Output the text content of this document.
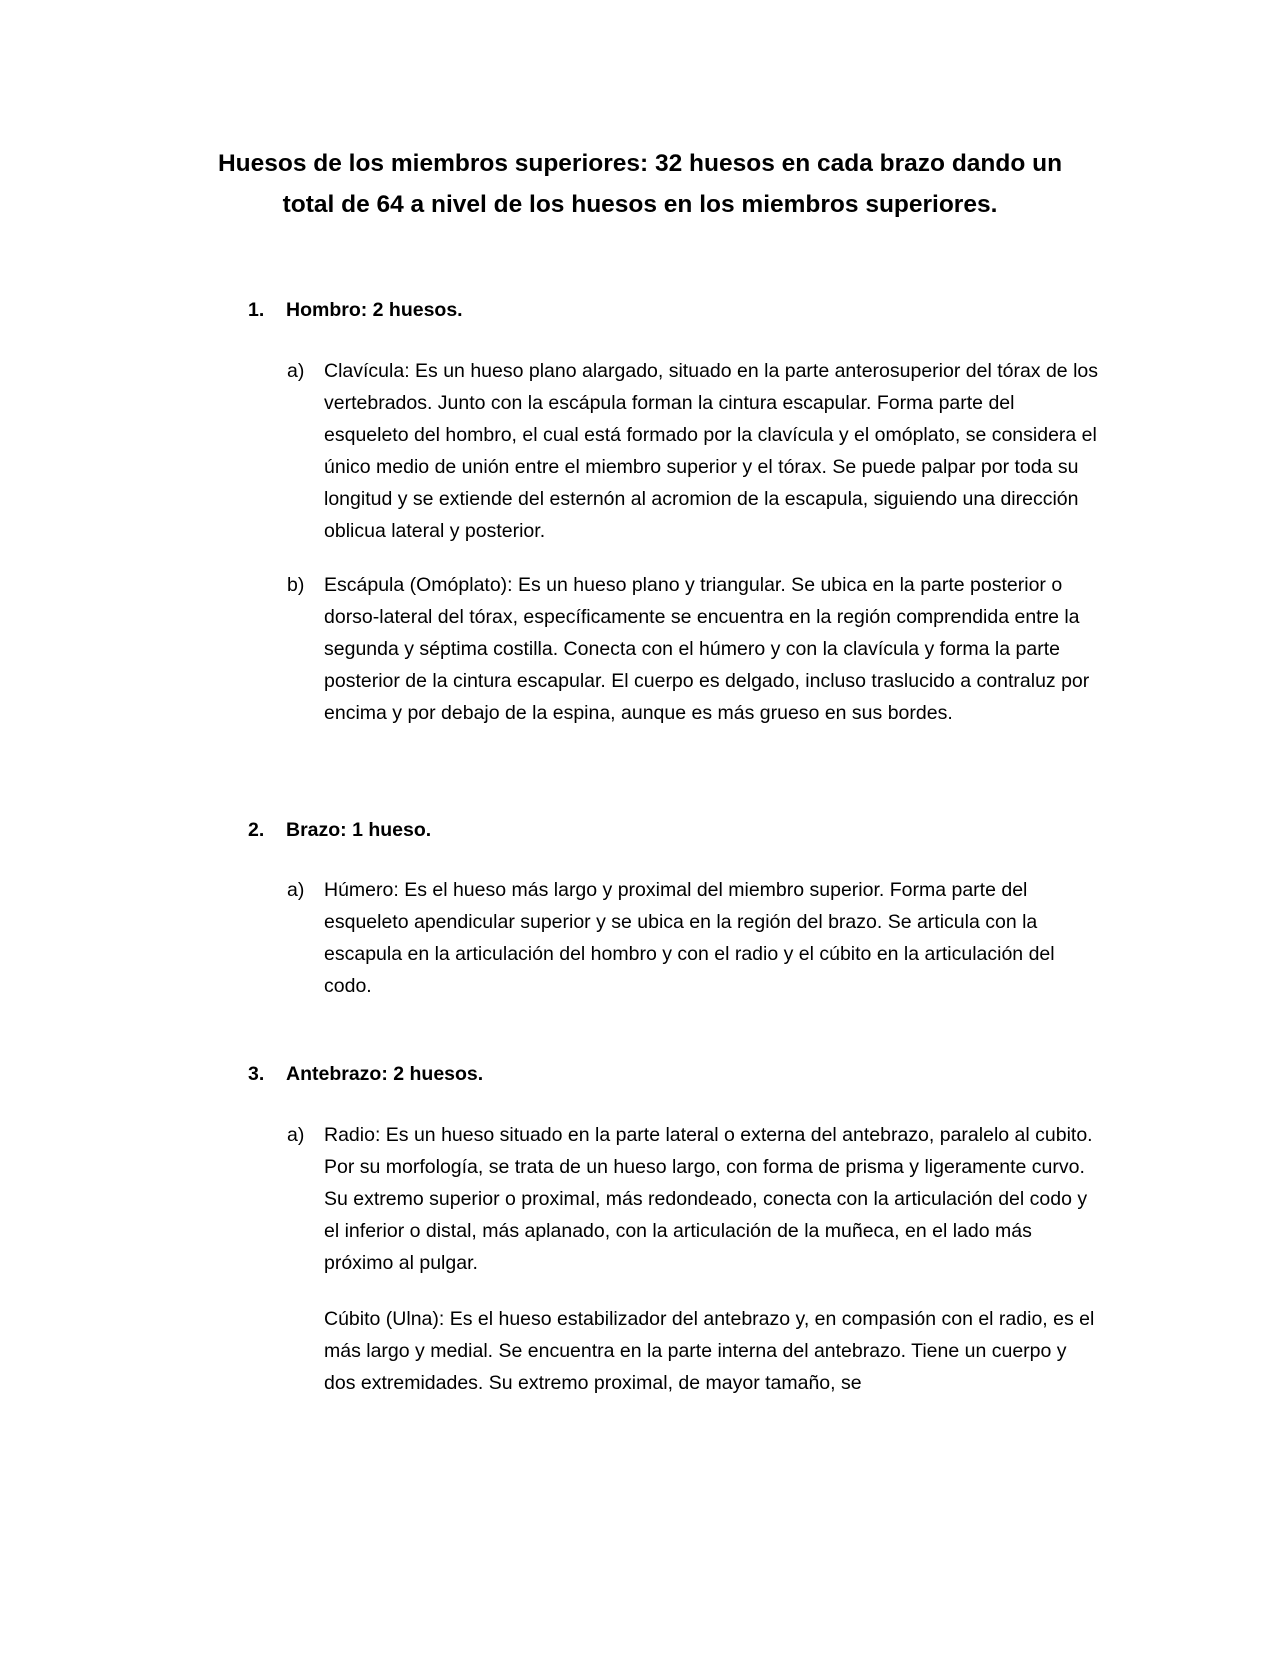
Huesos de los miembros superiores: 32 huesos en cada brazo dando un total de 64 a nivel de los huesos en los miembros superiores.

1. Hombro: 2 huesos.

a) Clavícula: Es un hueso plano alargado, situado en la parte anterosuperior del tórax de los vertebrados. Junto con la escápula forman la cintura escapular. Forma parte del esqueleto del hombro, el cual está formado por la clavícula y el omóplato, se considera el único medio de unión entre el miembro superior y el tórax. Se puede palpar por toda su longitud y se extiende del esternón al acromion de la escapula, siguiendo una dirección oblicua lateral y posterior.
b) Escápula (Omóplato): Es un hueso plano y triangular. Se ubica en la parte posterior o dorso-lateral del tórax, específicamente se encuentra en la región comprendida entre la segunda y séptima costilla. Conecta con el húmero y con la clavícula y forma la parte posterior de la cintura escapular. El cuerpo es delgado, incluso traslucido a contraluz por encima y por debajo de la espina, aunque es más grueso en sus bordes.

2. Brazo: 1 hueso.

a) Húmero: Es el hueso más largo y proximal del miembro superior. Forma parte del esqueleto apendicular superior y se ubica en la región del brazo. Se articula con la escapula en la articulación del hombro y con el radio y el cúbito en la articulación del codo.

3. Antebrazo: 2 huesos.

a) Radio: Es un hueso situado en la parte lateral o externa del antebrazo, paralelo al cubito. Por su morfología, se trata de un hueso largo, con forma de prisma y ligeramente curvo. Su extremo superior o proximal, más redondeado, conecta con la articulación del codo y el inferior o distal, más aplanado, con la articulación de la muñeca, en el lado más próximo al pulgar.
Cúbito (Ulna): Es el hueso estabilizador del antebrazo y, en compasión con el radio, es el más largo y medial. Se encuentra en la parte interna del antebrazo. Tiene un cuerpo y dos extremidades. Su extremo proximal, de mayor tamaño, se
